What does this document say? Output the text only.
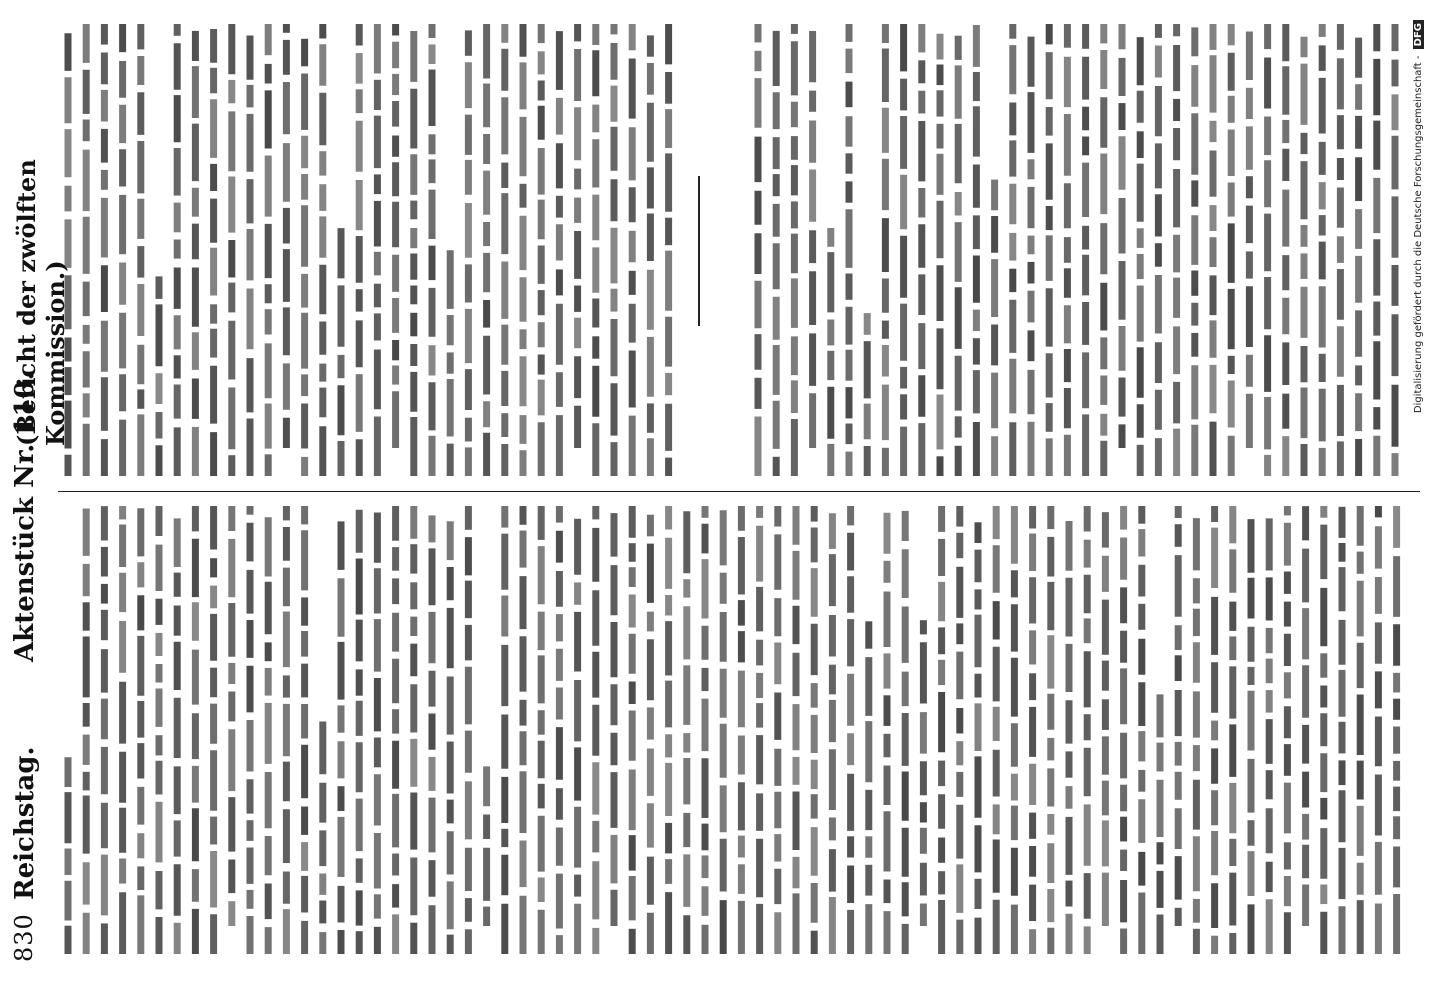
830
Reichstag.
Aktenstück Nr. 110.
(Bericht der zwölften Kommission.)	Digitalisierung gefördert durch die Deutsche Forschungsgemeinschaft - DFG
